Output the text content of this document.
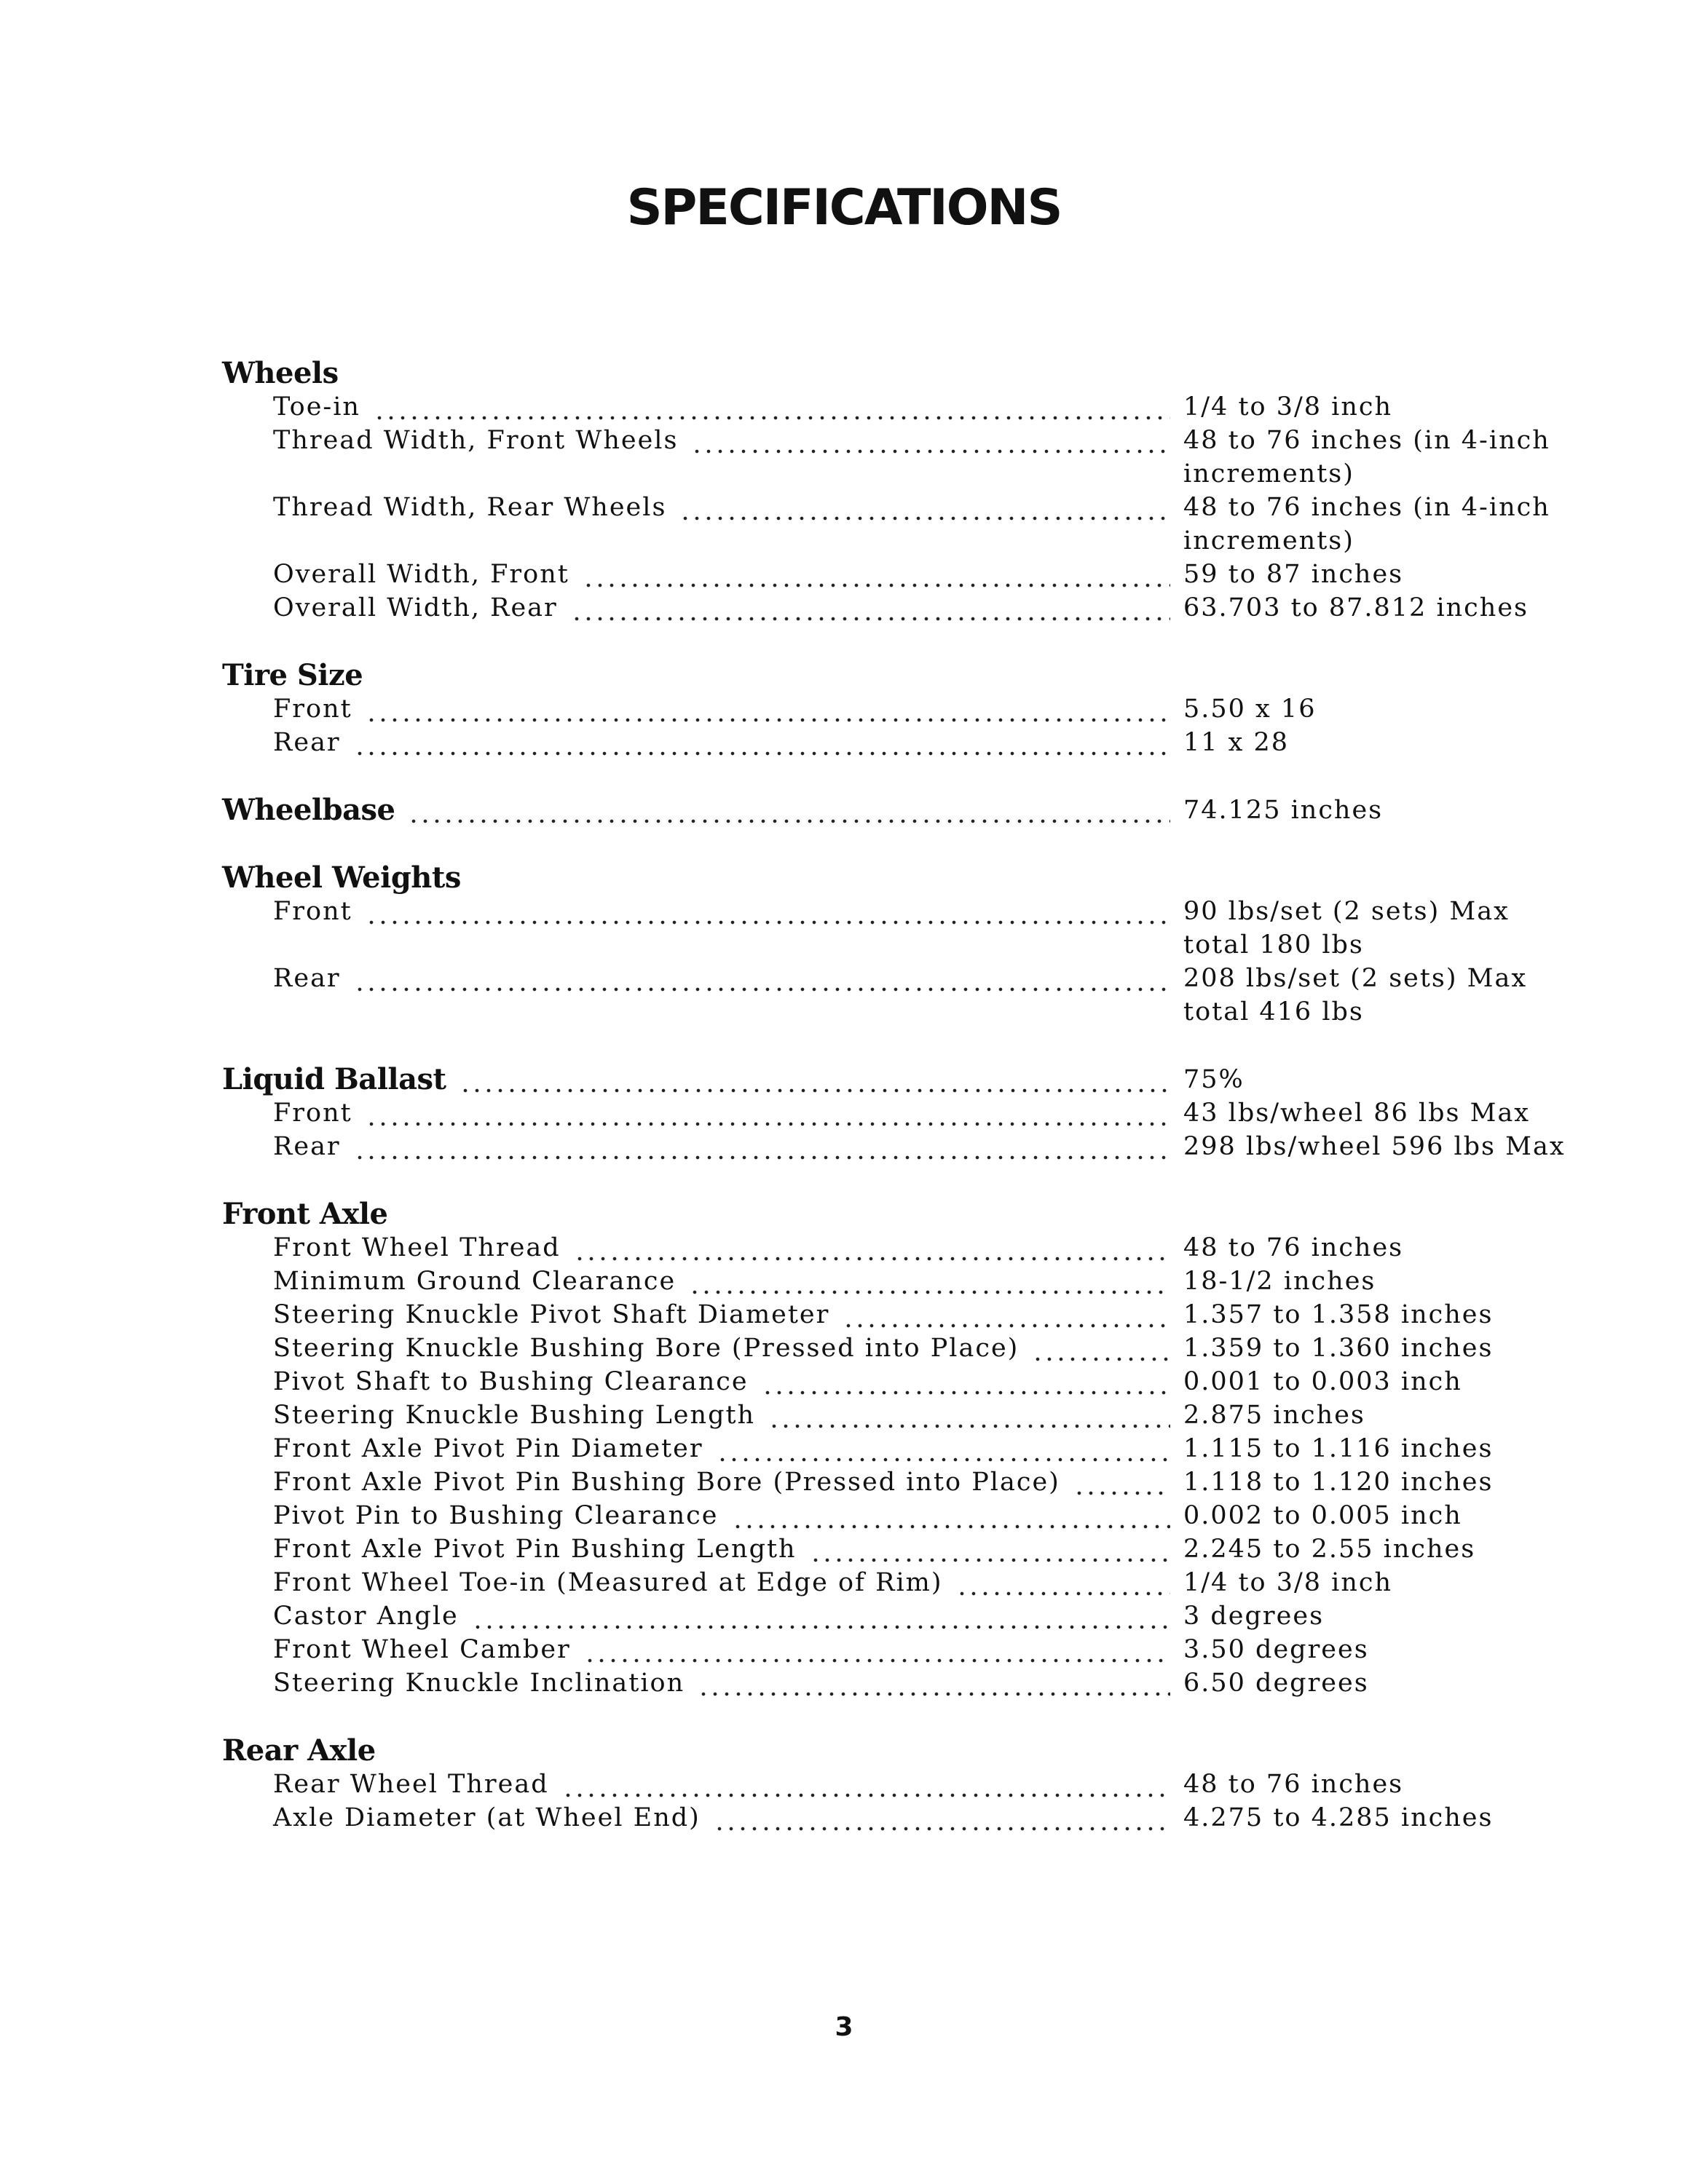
SPECIFICATIONS
Wheels
Toe-in	1/4 to 3/8 inch
Thread Width, Front Wheels	48 to 76 inches (in 4-inch increments)
Thread Width, Rear Wheels	48 to 76 inches (in 4-inch increments)
Overall Width, Front	59 to 87 inches
Overall Width, Rear	63.703 to 87.812 inches
Tire Size
Front	5.50 x 16
Rear	11 x 28
Wheelbase	74.125 inches
Wheel Weights
Front	90 lbs/set (2 sets) Max total 180 lbs
Rear	208 lbs/set (2 sets) Max total 416 lbs
Liquid Ballast	75%
Front	43 lbs/wheel 86 lbs Max
Rear	298 lbs/wheel 596 lbs Max
Front Axle
Front Wheel Thread	48 to 76 inches
Minimum Ground Clearance	18-1/2 inches
Steering Knuckle Pivot Shaft Diameter	1.357 to 1.358 inches
Steering Knuckle Bushing Bore (Pressed into Place)	1.359 to 1.360 inches
Pivot Shaft to Bushing Clearance	0.001 to 0.003 inch
Steering Knuckle Bushing Length	2.875 inches
Front Axle Pivot Pin Diameter	1.115 to 1.116 inches
Front Axle Pivot Pin Bushing Bore (Pressed into Place)	1.118 to 1.120 inches
Pivot Pin to Bushing Clearance	0.002 to 0.005 inch
Front Axle Pivot Pin Bushing Length	2.245 to 2.55 inches
Front Wheel Toe-in (Measured at Edge of Rim)	1/4 to 3/8 inch
Castor Angle	3 degrees
Front Wheel Camber	3.50 degrees
Steering Knuckle Inclination	6.50 degrees
Rear Axle
Rear Wheel Thread	48 to 76 inches
Axle Diameter (at Wheel End)	4.275 to 4.285 inches
3
